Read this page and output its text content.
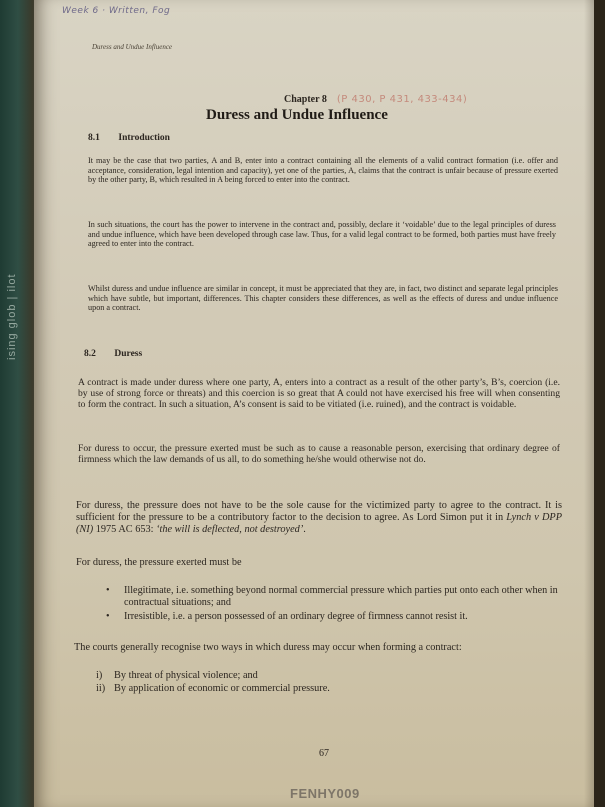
ising glob | ilot
Week 6 · Written, Fog
Duress and Undue Influence
Chapter 8 (P 430, P 431, 433-434)
Duress and Undue Influence
8.1 Introduction

It may be the case that two parties, A and B, enter into a contract containing all the elements of a valid contract formation (i.e. offer and acceptance, consideration, legal intention and capacity), yet one of the parties, A, claims that the contract is unfair because of pressure exerted by the other party, B, which resulted in A being forced to enter into the contract.

In such situations, the court has the power to intervene in the contract and, possibly, declare it ‘voidable’ due to the legal principles of duress and undue influence, which have been developed through case law. Thus, for a valid legal contract to be formed, both parties must have freely agreed to enter into the contract.

Whilst duress and undue influence are similar in concept, it must be appreciated that they are, in fact, two distinct and separate legal principles which have subtle, but important, differences. This chapter considers these differences, as well as the effects of duress and undue influence upon a contract.

8.2 Duress

A contract is made under duress where one party, A, enters into a contract as a result of the other party’s, B’s, coercion (i.e. by use of strong force or threats) and this coercion is so great that A could not have exercised his free will when consenting to form the contract. In such a situation, A’s consent is said to be vitiated (i.e. ruined), and the contract is voidable.

For duress to occur, the pressure exerted must be such as to cause a reasonable person, exercising that ordinary degree of firmness which the law demands of us all, to do something he/she would otherwise not do.

For duress, the pressure does not have to be the sole cause for the victimized party to agree to the contract. It is sufficient for the pressure to be a contributory factor to the decision to agree. As Lord Simon put it in Lynch v DPP (NI) 1975 AC 653: ‘the will is deflected, not destroyed’.

For duress, the pressure exerted must be

• Illegitimate, i.e. something beyond normal commercial pressure which parties put onto each other when in contractual situations; and
• Irresistible, i.e. a person possessed of an ordinary degree of firmness cannot resist it.

The courts generally recognise two ways in which duress may occur when forming a contract:

i) By threat of physical violence; and
ii) By application of economic or commercial pressure.
67
FENHY009
